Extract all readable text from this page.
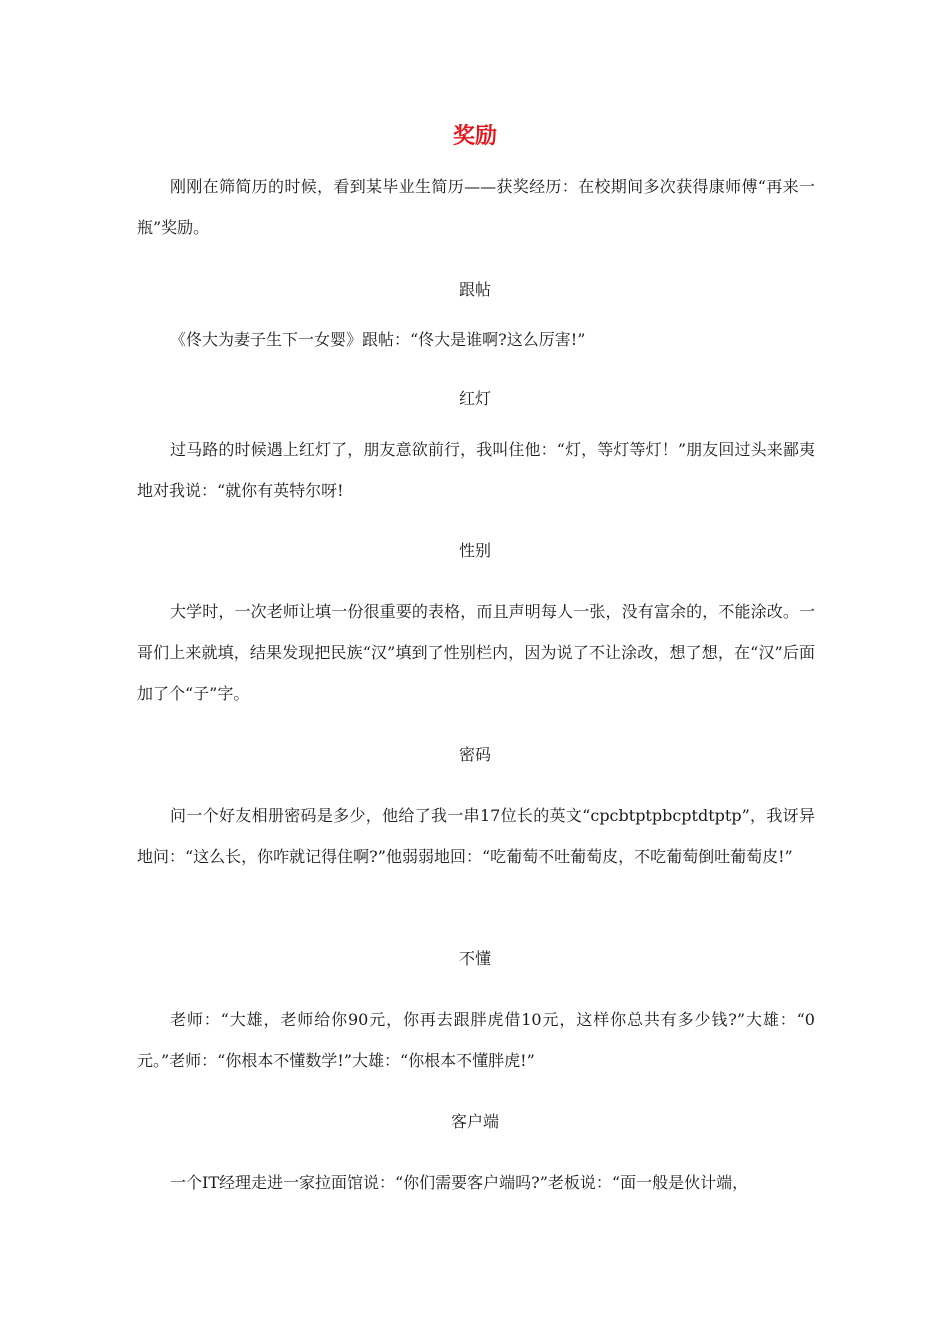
奖励
刚刚在筛简历的时候，看到某毕业生简历——获奖经历：在校期间多次获得康师傅“再来一瓶”奖励。
跟帖
《佟大为妻子生下一女婴》跟帖：“佟大是谁啊?这么厉害!”
红灯
过马路的时候遇上红灯了，朋友意欲前行，我叫住他：“灯，等灯等灯！”朋友回过头来鄙夷地对我说：“就你有英特尔呀!
性别
大学时，一次老师让填一份很重要的表格，而且声明每人一张，没有富余的，不能涂改。一哥们上来就填，结果发现把民族“汉”填到了性别栏内，因为说了不让涂改，想了想，在“汉”后面加了个“子”字。
密码
问一个好友相册密码是多少，他给了我一串17位长的英文“cpcbtptpbcptdtptp”，我讶异地问：“这么长，你咋就记得住啊?”他弱弱地回：“吃葡萄不吐葡萄皮，不吃葡萄倒吐葡萄皮!”
不懂
老师：“大雄，老师给你90元，你再去跟胖虎借10元，这样你总共有多少钱?”大雄：“0元。”老师：“你根本不懂数学!”大雄：“你根本不懂胖虎!”
客户端
一个IT经理走进一家拉面馆说：“你们需要客户端吗?”老板说：“面一般是伙计端，
